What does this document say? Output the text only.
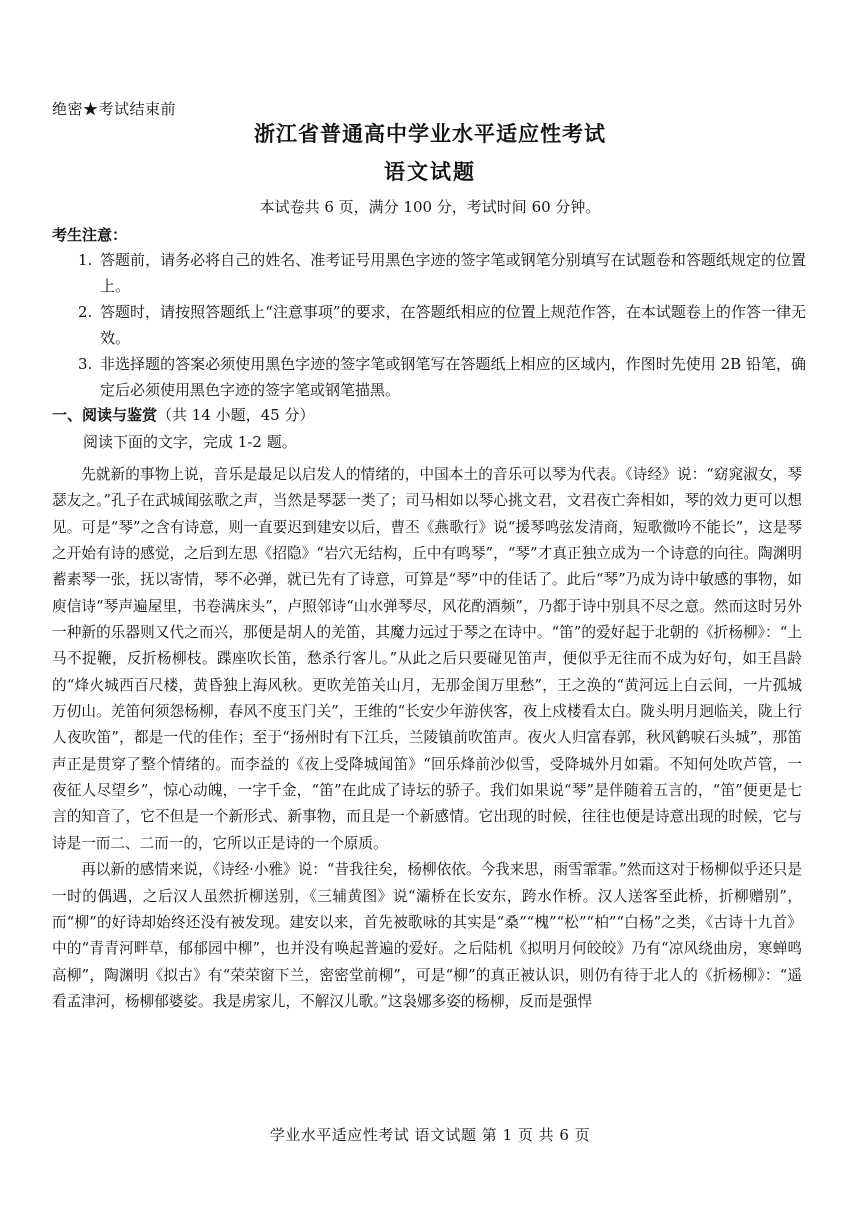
绝密★考试结束前
浙江省普通高中学业水平适应性考试
语文试题
本试卷共 6 页，满分 100 分，考试时间 60 分钟。
考生注意：
1. 答题前，请务必将自己的姓名、准考证号用黑色字迹的签字笔或钢笔分别填写在试题卷和答题纸规定的位置上。
2. 答题时，请按照答题纸上“注意事项”的要求，在答题纸相应的位置上规范作答，在本试题卷上的作答一律无效。
3. 非选择题的答案必须使用黑色字迹的签字笔或钢笔写在答题纸上相应的区域内，作图时先使用 2B 铅笔，确定后必须使用黑色字迹的签字笔或钢笔描黑。
一、阅读与鉴赏（共 14 小题，45 分）
阅读下面的文字，完成 1-2 题。

先就新的事物上说，音乐是最足以启发人的情绪的，中国本土的音乐可以琴为代表。《诗经》说：“窈窕淑女，琴瑟友之。”孔子在武城闻弦歌之声，当然是琴瑟一类了；司马相如以琴心挑文君，文君夜亡奔相如，琴的效力更可以想见。可是“琴”之含有诗意，则一直要迟到建安以后，曹丕《燕歌行》说“援琴鸣弦发清商，短歌微吟不能长”，这是琴之开始有诗的感觉，之后到左思《招隐》“岩穴无结构，丘中有鸣琴”，“琴”才真正独立成为一个诗意的向往。陶渊明蓄素琴一张，抚以寄情，琴不必弹，就已先有了诗意，可算是“琴”中的佳话了。此后“琴”乃成为诗中敏感的事物，如庾信诗“琴声遍屋里，书卷满床头”，卢照邻诗“山水弹琴尽，风花酌酒频”，乃都于诗中别具不尽之意。然而这时另外一种新的乐器则又代之而兴，那便是胡人的羌笛，其魔力远过于琴之在诗中。“笛”的爱好起于北朝的《折杨柳》：“上马不捉鞭，反折杨柳枝。蹀座吹长笛，愁杀行客儿。”从此之后只要碰见笛声，便似乎无往而不成为好句，如王昌龄的“烽火城西百尺楼，黄昏独上海风秋。更吹羌笛关山月，无那金闺万里愁”，王之涣的“黄河远上白云间，一片孤城万仞山。羌笛何须怨杨柳，春风不度玉门关”，王维的“长安少年游侠客，夜上戍楼看太白。陇头明月迥临关，陇上行人夜吹笛”，都是一代的佳作；至于“扬州时有下江兵，兰陵镇前吹笛声。夜火人归富春郭，秋风鹤唳石头城”，那笛声正是贯穿了整个情绪的。而李益的《夜上受降城闻笛》“回乐烽前沙似雪，受降城外月如霜。不知何处吹芦管，一夜征人尽望乡”，惊心动魄，一字千金，“笛”在此成了诗坛的骄子。我们如果说“琴”是伴随着五言的，“笛”便更是七言的知音了，它不但是一个新形式、新事物，而且是一个新感情。它出现的时候，往往也便是诗意出现的时候，它与诗是一而二、二而一的，它所以正是诗的一个原质。

再以新的感情来说，《诗经·小雅》说：“昔我往矣，杨柳依依。今我来思，雨雪霏霏。”然而这对于杨柳似乎还只是一时的偶遇，之后汉人虽然折柳送别，《三辅黄图》说“灞桥在长安东，跨水作桥。汉人送客至此桥，折柳赠别”，而“柳”的好诗却始终还没有被发现。建安以来，首先被歌咏的其实是“桑”“槐”“松”“柏”“白杨”之类，《古诗十九首》中的“青青河畔草，郁郁园中柳”，也并没有唤起普遍的爱好。之后陆机《拟明月何皎皎》乃有“凉风绕曲房，寒蝉鸣高柳”，陶渊明《拟古》有“荣荣窗下兰，密密堂前柳”，可是“柳”的真正被认识，则仍有待于北人的《折杨柳》：“遥看孟津河，杨柳郁婆娑。我是虏家儿，不解汉儿歌。”这袅娜多姿的杨柳，反而是强悍

学业水平适应性考试 语文试题 第 1 页 共 6 页
